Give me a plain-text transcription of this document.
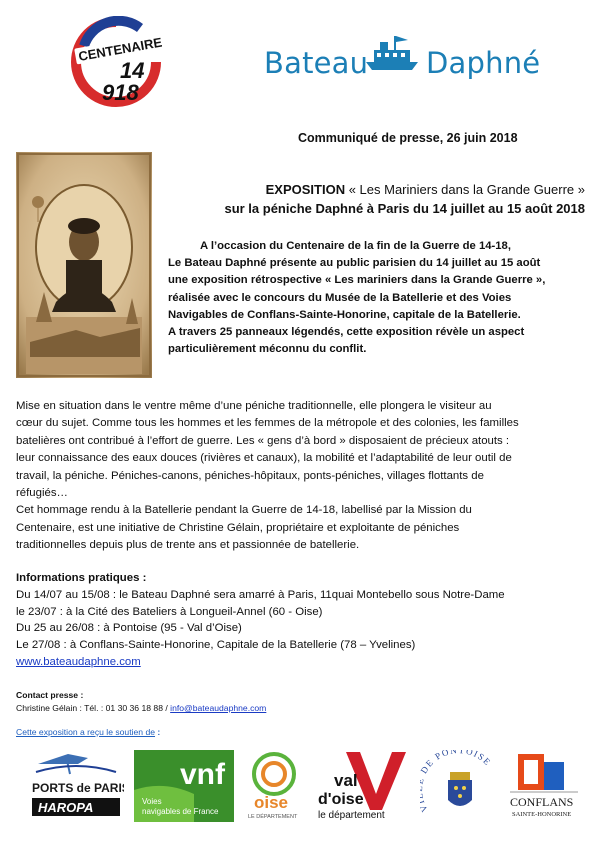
CENTENAIRE
14
918
Bateau Daphné
Communiqué de presse, 26 juin 2018
EXPOSITION « Les Mariniers dans la Grande Guerre »
sur la péniche Daphné à Paris du 14 juillet au 15 août 2018

A l’occasion du Centenaire de la fin de la Guerre de 14-18,

Le Bateau Daphné présente au public parisien du 14 juillet au 15 août

une exposition rétrospective « Les mariniers dans la Grande Guerre »,

réalisée avec le concours du Musée de la Batellerie et des Voies

Navigables de Conflans-Sainte-Honorine, capitale de la Batellerie.

A travers 25 panneaux légendés, cette exposition révèle un aspect

particulièrement méconnu du conflit.

Mise en situation dans le ventre même d’une péniche traditionnelle, elle plongera le visiteur au

cœur du sujet. Comme tous les hommes et les femmes de la métropole et des colonies, les familles

batelières ont contribué à l’effort de guerre. Les « gens d’à bord » disposaient de précieux atouts :

leur connaissance des eaux douces (rivières et canaux), la mobilité et l’adaptabilité de leur outil de

travail, la péniche. Péniches-canons, péniches-hôpitaux, ponts-péniches, villages flottants de

réfugiés…

Cet hommage rendu à la Batellerie pendant la Guerre de 14-18, labellisé par la Mission du

Centenaire, est une initiative de Christine Gélain, propriétaire et exploitante de péniches

traditionnelles depuis plus de trente ans et passionnée de batellerie.

Informations pratiques :

Du 14/07 au 15/08 : le Bateau Daphné sera amarré à Paris, 11quai Montebello sous Notre-Dame

le 23/07 : à la Cité des Bateliers à Longueil-Annel (60 - Oise)

Du 25 au 26/08 : à Pontoise (95 - Val d’Oise)

Le 27/08 : à Conflans-Sainte-Honorine, Capitale de la Batellerie (78 – Yvelines)

www.bateaudaphne.com

Contact presse :

Christine Gélain : Tél. : 01 30 36 18 88 / info@bateaudaphne.com

Cette exposition a reçu le soutien de :
PORTS de PARIS
HAROPA
vnf
Voies
navigables de France oise
LE DÉPARTEMENT
val
d'oise
le département
E PONTOISE
CONFLANS
SAINTE-HONORINE
